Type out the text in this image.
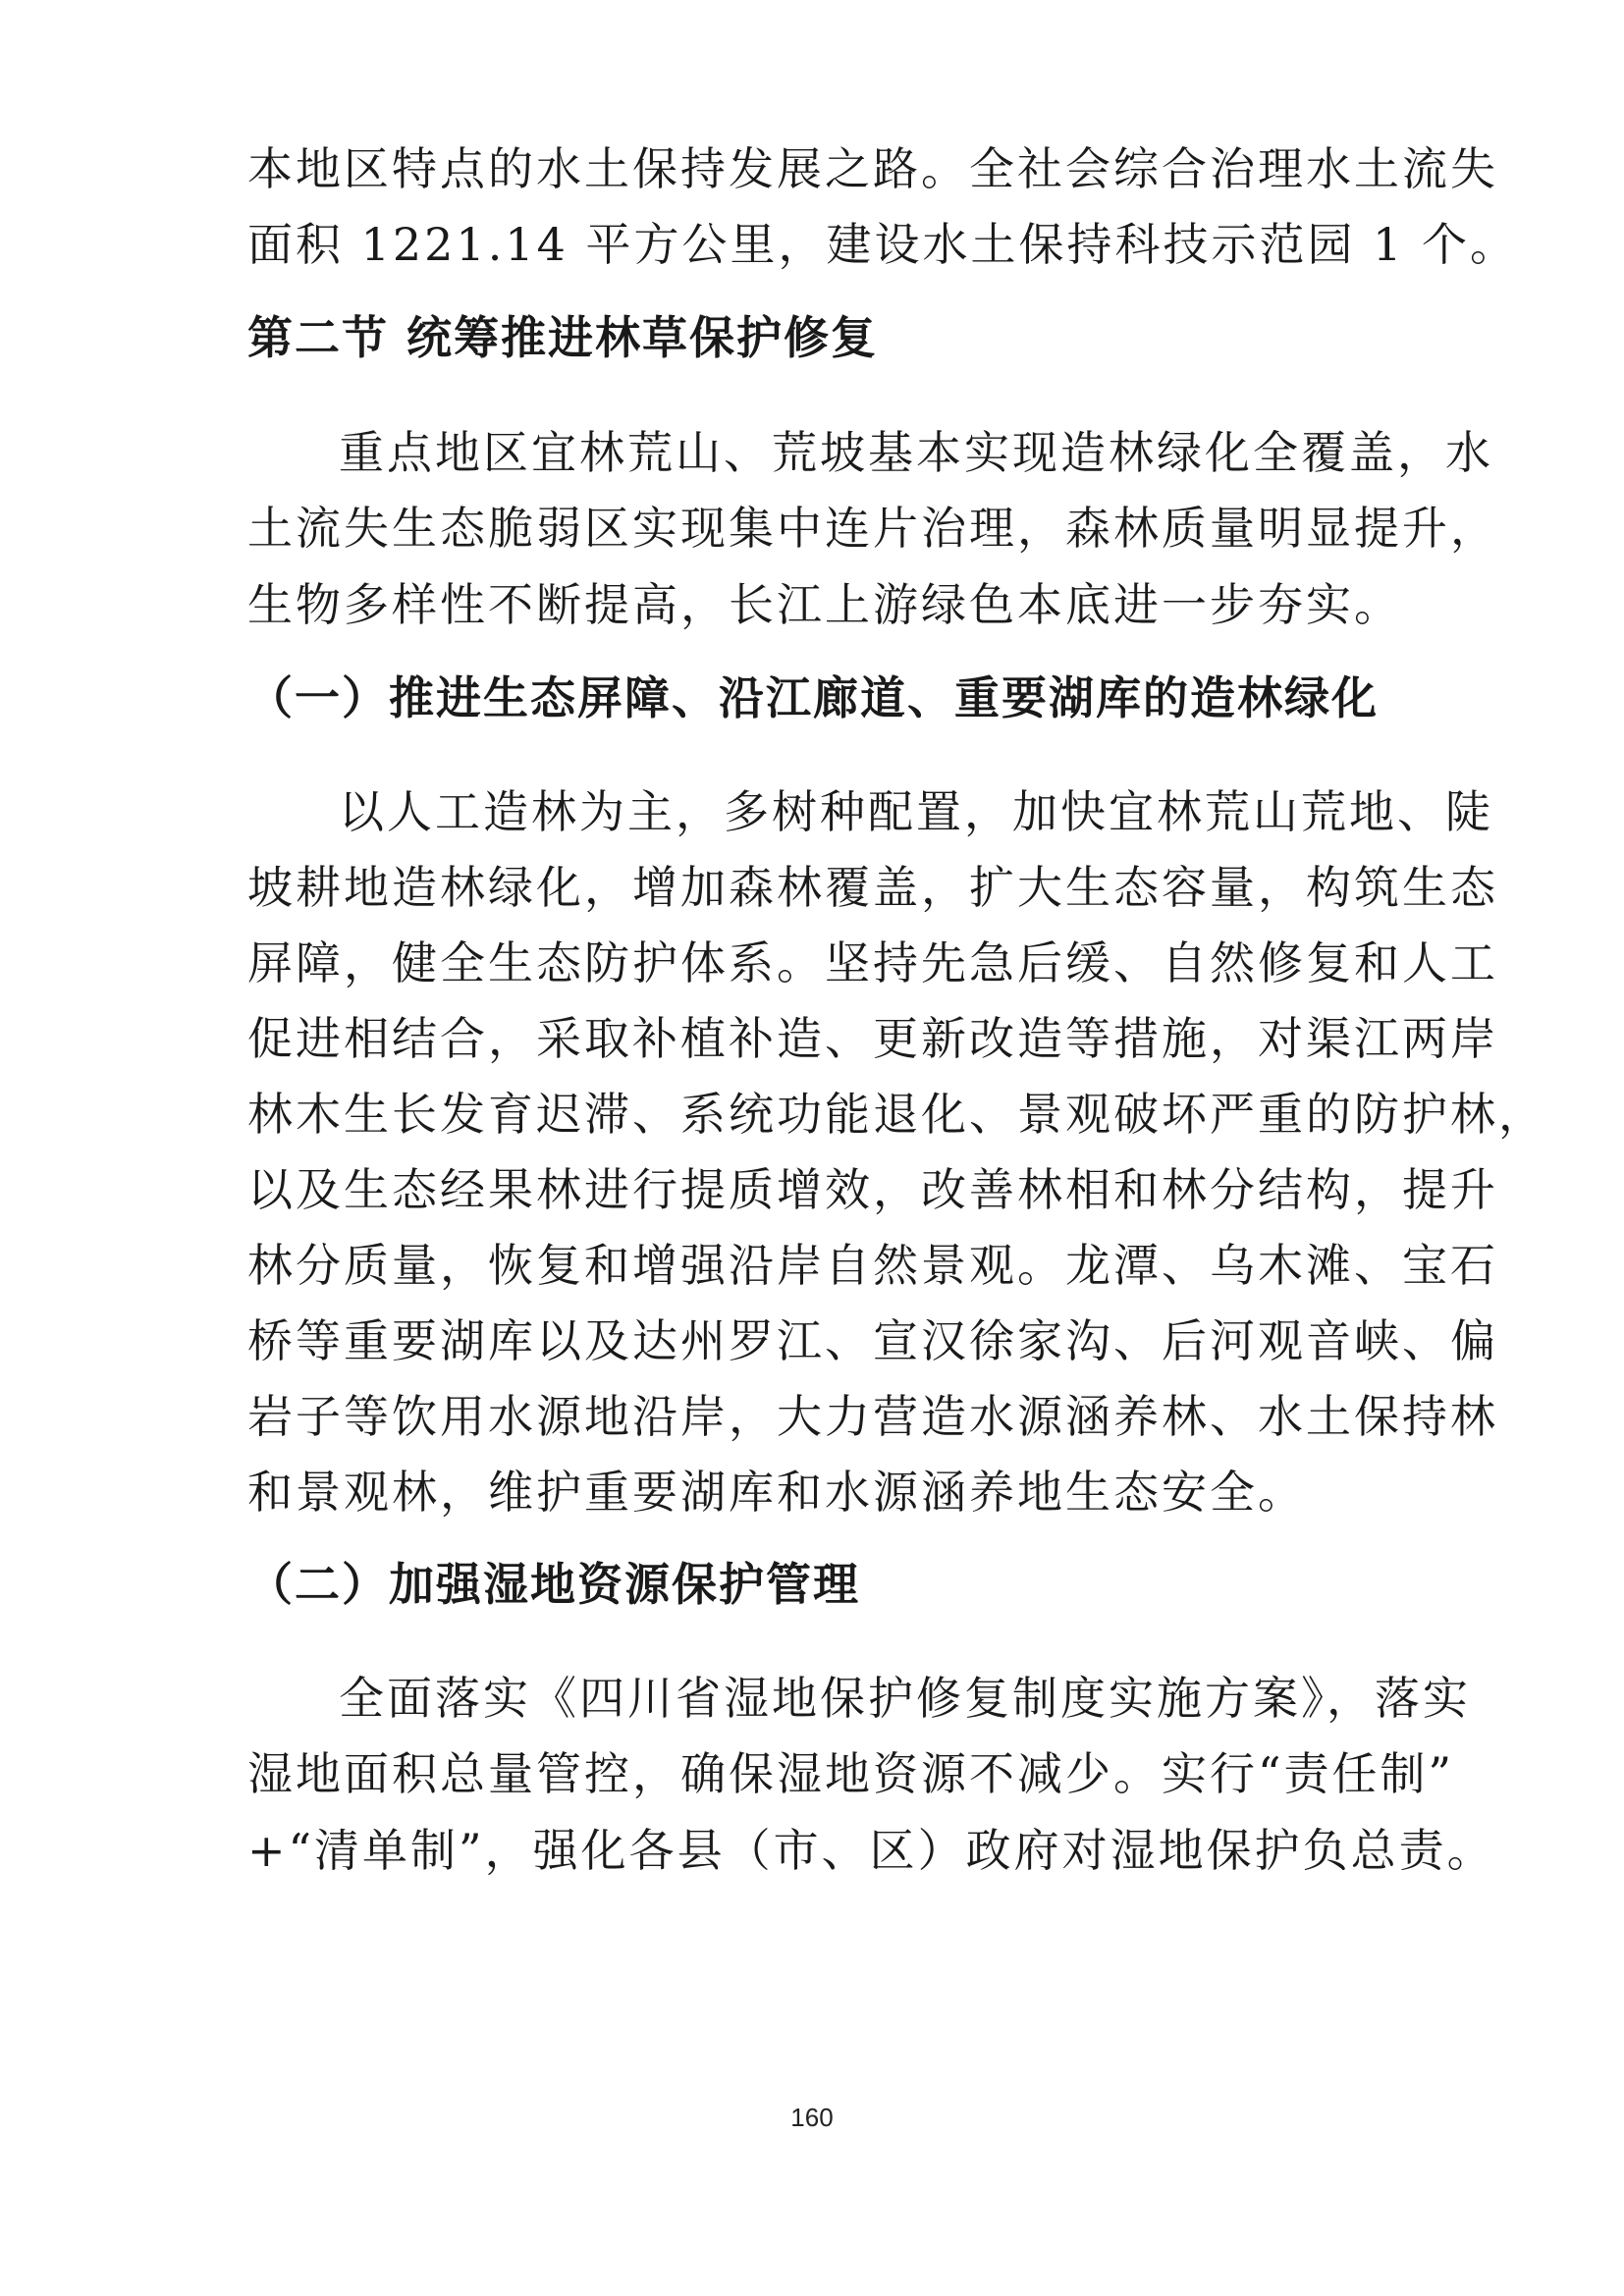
本地区特点的水土保持发展之路。全社会综合治理水土流失
面积 1221.14 平方公里，建设水土保持科技示范园 1 个。
第二节 统筹推进林草保护修复
重点地区宜林荒山、荒坡基本实现造林绿化全覆盖，水
土流失生态脆弱区实现集中连片治理，森林质量明显提升，
生物多样性不断提高，长江上游绿色本底进一步夯实。
（一）推进生态屏障、沿江廊道、重要湖库的造林绿化
以人工造林为主，多树种配置，加快宜林荒山荒地、陡
坡耕地造林绿化，增加森林覆盖，扩大生态容量，构筑生态
屏障，健全生态防护体系。坚持先急后缓、自然修复和人工
促进相结合，采取补植补造、更新改造等措施，对渠江两岸
林木生长发育迟滞、系统功能退化、景观破坏严重的防护林，
以及生态经果林进行提质增效，改善林相和林分结构，提升
林分质量，恢复和增强沿岸自然景观。龙潭、乌木滩、宝石
桥等重要湖库以及达州罗江、宣汉徐家沟、后河观音峡、偏
岩子等饮用水源地沿岸，大力营造水源涵养林、水土保持林
和景观林，维护重要湖库和水源涵养地生态安全。
（二）加强湿地资源保护管理
全面落实《四川省湿地保护修复制度实施方案》，落实
湿地面积总量管控，确保湿地资源不减少。实行“责任制”
+“清单制”，强化各县（市、区）政府对湿地保护负总责。
160
